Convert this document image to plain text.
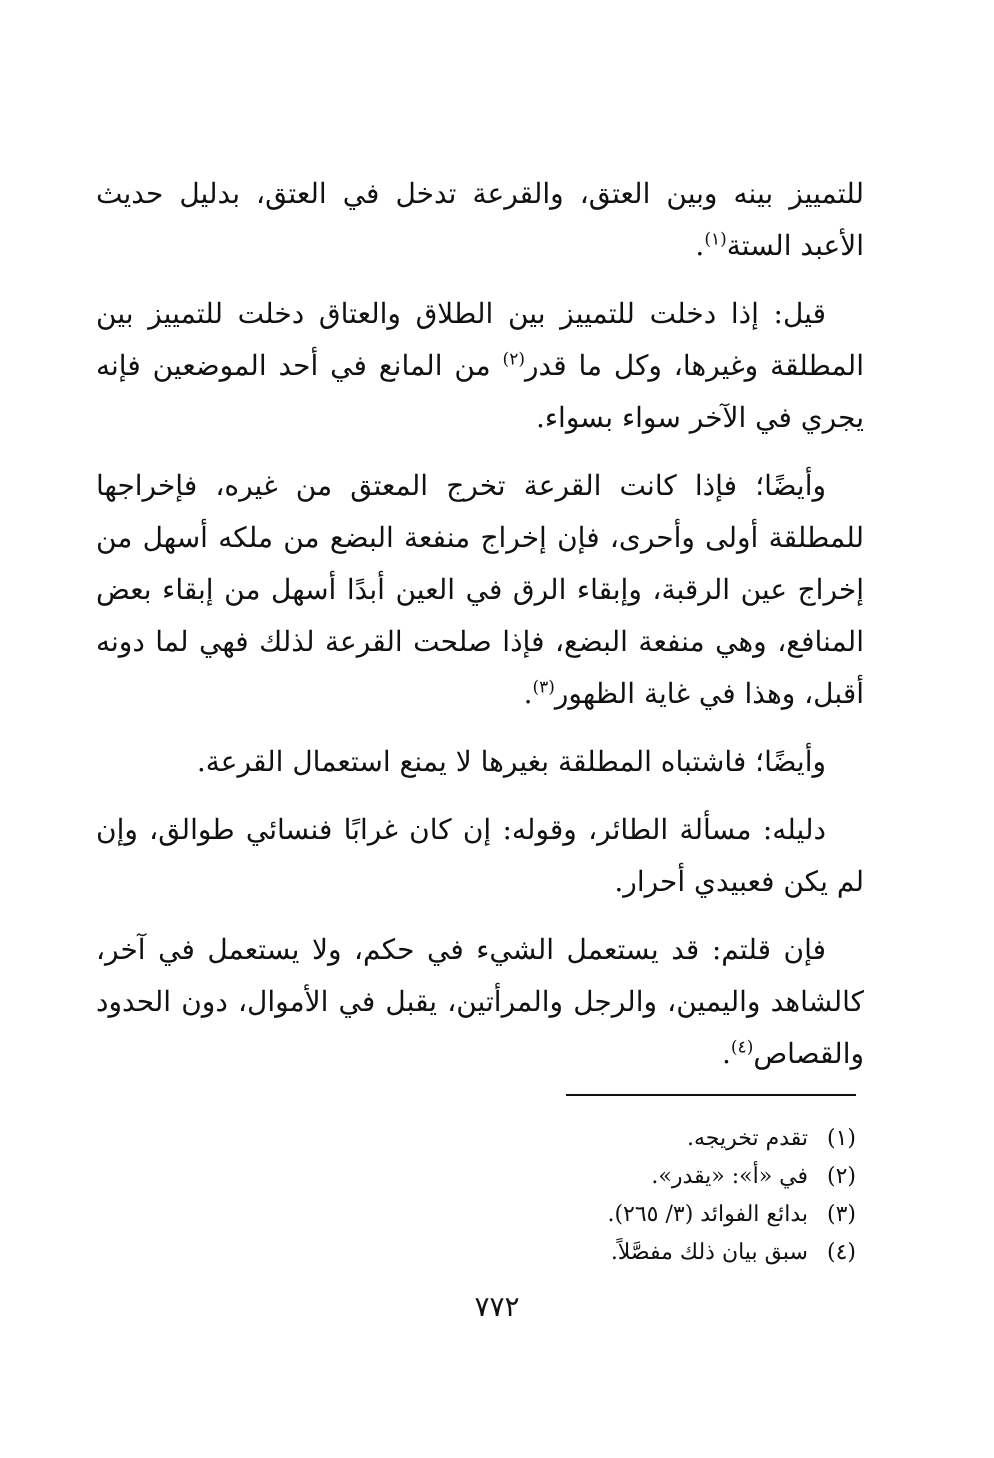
للتمييز بينه وبين العتق، والقرعة تدخل في العتق، بدليل حديث الأعبد الستة$^{(١)}$.

قيل: إذا دخلت للتمييز بين الطلاق والعتاق دخلت للتمييز بين المطلقة وغيرها، وكل ما قدر$^{(٢)}$ من المانع في أحد الموضعين فإنه يجري في الآخر سواء بسواء.

وأيضًا؛ فإذا كانت القرعة تخرج المعتق من غيره، فإخراجها للمطلقة أولى وأحرى، فإن إخراج منفعة البضع من ملكه أسهل من إخراج عين الرقبة، وإبقاء الرق في العين أبدًا أسهل من إبقاء بعض المنافع، وهي منفعة البضع، فإذا صلحت القرعة لذلك فهي لما دونه أقبل، وهذا في غاية الظهور$^{(٣)}$.

وأيضًا؛ فاشتباه المطلقة بغيرها لا يمنع استعمال القرعة.

دليله: مسألة الطائر، وقوله: إن كان غرابًا فنسائي طوالق، وإن لم يكن فعبيدي أحرار.

فإن قلتم: قد يستعمل الشيء في حكم، ولا يستعمل في آخر، كالشاهد واليمين، والرجل والمرأتين، يقبل في الأموال، دون الحدود والقصاص$^{(٤)}$.

(١)
تقدم تخريجه.
(٢)
في «أ»: «يقدر».
(٣)
بدائع الفوائد (٣/ ٢٦٥).
(٤)
سبق بيان ذلك مفصَّلاً.
٧٧٢
